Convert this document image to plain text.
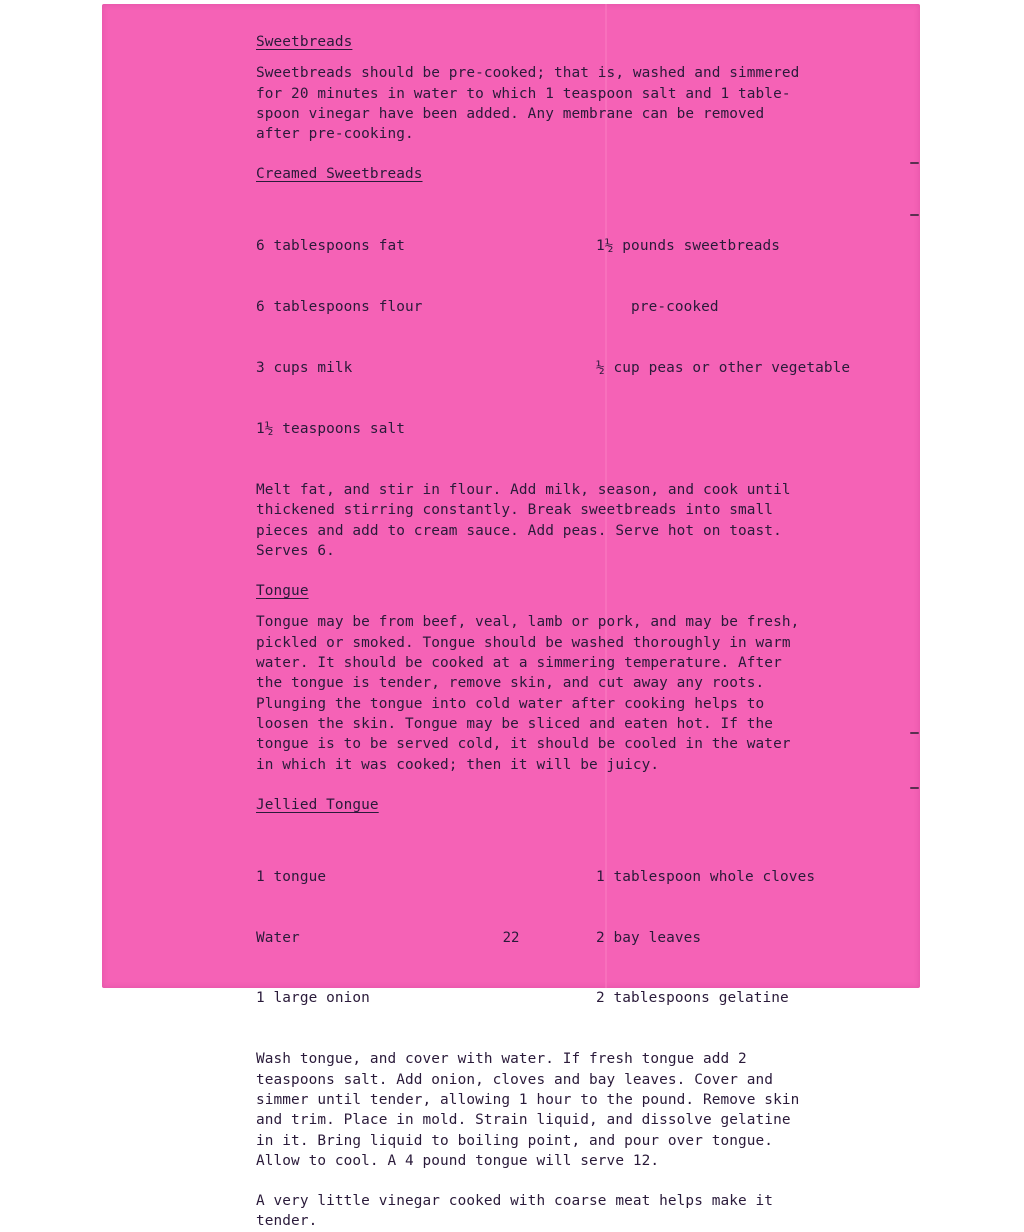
Sweetbreads

Sweetbreads should be pre-cooked; that is, washed and simmered
for 20 minutes in water to which 1 teaspoon salt and 1 table-
spoon vinegar have been added. Any membrane can be removed
after pre-cooking.

Creamed Sweetbreads

6 tablespoons fat

6 tablespoons flour

3 cups milk

1½ teaspoons salt

1½ pounds sweetbreads

pre-cooked

½ cup peas or other vegetable

Melt fat, and stir in flour. Add milk, season, and cook until
thickened stirring constantly. Break sweetbreads into small
pieces and add to cream sauce. Add peas. Serve hot on toast.
Serves 6.

Tongue

Tongue may be from beef, veal, lamb or pork, and may be fresh,
pickled or smoked. Tongue should be washed thoroughly in warm
water. It should be cooked at a simmering temperature. After
the tongue is tender, remove skin, and cut away any roots.
Plunging the tongue into cold water after cooking helps to
loosen the skin. Tongue may be sliced and eaten hot. If the
tongue is to be served cold, it should be cooled in the water
in which it was cooked; then it will be juicy.

Jellied Tongue

1 tongue

Water

1 large onion

1 tablespoon whole cloves

2 bay leaves

2 tablespoons gelatine

Wash tongue, and cover with water. If fresh tongue add 2
teaspoons salt. Add onion, cloves and bay leaves. Cover and
simmer until tender, allowing 1 hour to the pound. Remove skin
and trim. Place in mold. Strain liquid, and dissolve gelatine
in it. Bring liquid to boiling point, and pour over tongue.
Allow to cool. A 4 pound tongue will serve 12.

A very little vinegar cooked with coarse meat helps make it
tender.

22
